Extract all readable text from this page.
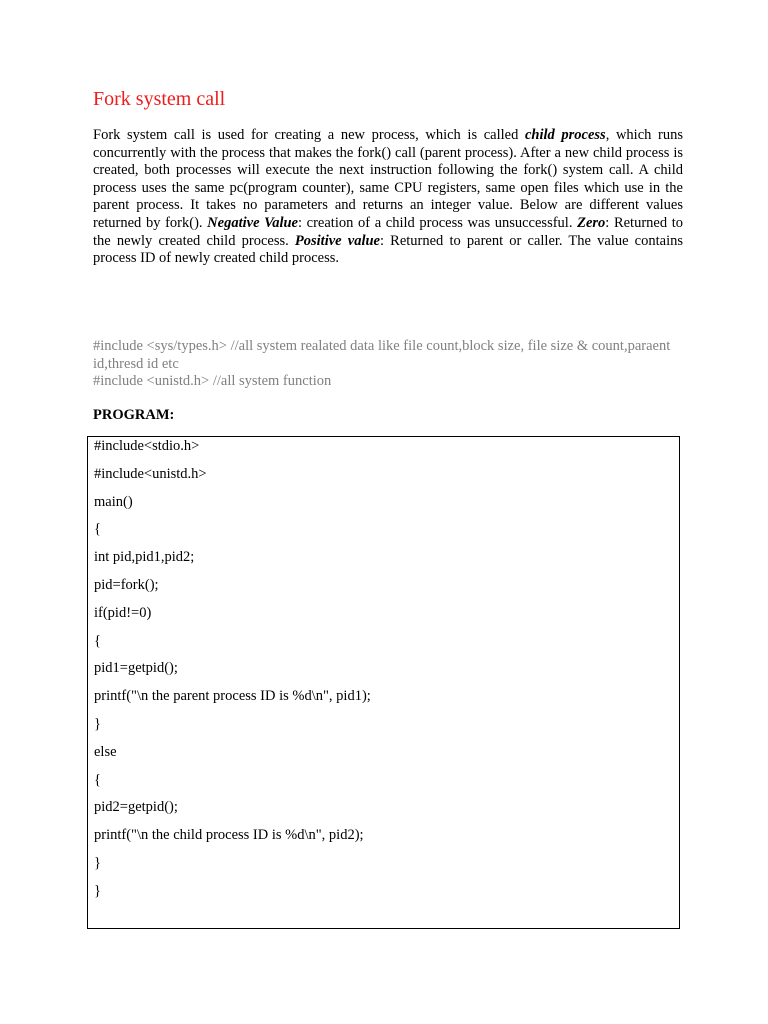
Fork system call

Fork system call is used for creating a new process, which is called child process, which runs concurrently with the process that makes the fork() call (parent process). After a new child process is created, both processes will execute the next instruction following the fork() system call. A child process uses the same pc(program counter), same CPU registers, same open files which use in the parent process. It takes no parameters and returns an integer value. Below are different values returned by fork(). Negative Value: creation of a child process was unsuccessful. Zero: Returned to the newly created child process. Positive value: Returned to parent or caller. The value contains process ID of newly created child process.

#include <sys/types.h> //all system realated data like file count,block size, file size & count,paraent id,thresd id etc
#include <unistd.h> //all system function

PROGRAM:

#include<stdio.h>
#include<unistd.h>
main()
{
int pid,pid1,pid2;
pid=fork();
if(pid!=0)
{
pid1=getpid();
printf("\n the parent process ID is %d\n", pid1);
}
else
{
pid2=getpid();
printf("\n the child process ID is %d\n", pid2);
}
}
